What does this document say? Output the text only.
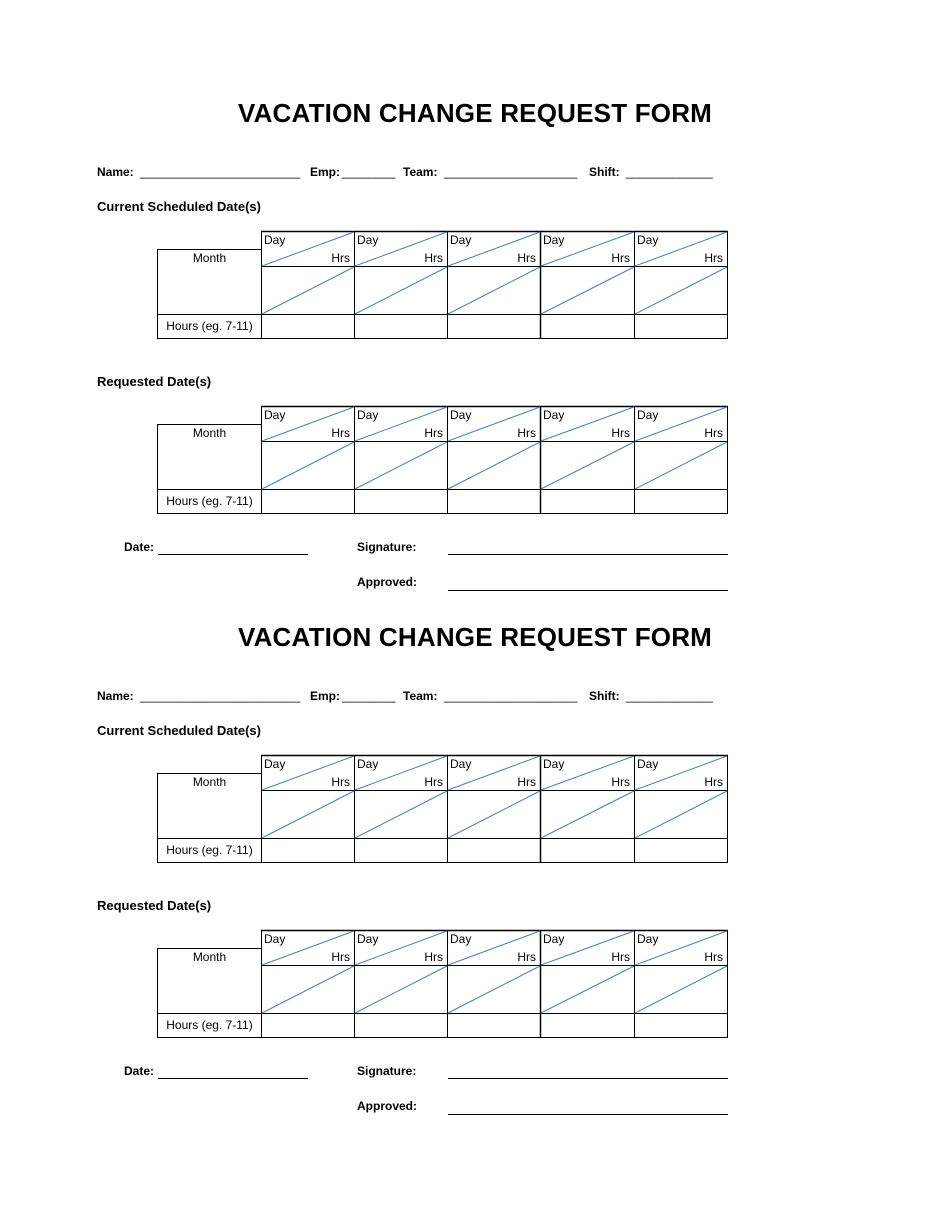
VACATION CHANGE REQUEST FORM
Name: ________________________ Emp: ________ Team: ____________________ Shift: _____________
Current Scheduled Date(s)
Month
Hours (eg. 7-11)
Day
Hrs
Day
Hrs
Day
Hrs
Day
Hrs
Day
Hrs
Requested Date(s)
Month
Hours (eg. 7-11)
Day
Hrs
Day
Hrs
Day
Hrs
Day
Hrs
Day
Hrs
Date:	Signature:
Approved:
VACATION CHANGE REQUEST FORM
Name: ________________________ Emp: ________ Team: ____________________ Shift: _____________
Current Scheduled Date(s)
Month
Hours (eg. 7-11)
Day
Hrs
Day
Hrs
Day
Hrs
Day
Hrs
Day
Hrs
Requested Date(s)
Month
Hours (eg. 7-11)
Day
Hrs
Day
Hrs
Day
Hrs
Day
Hrs
Day
Hrs
Date:	Signature:
Approved:
